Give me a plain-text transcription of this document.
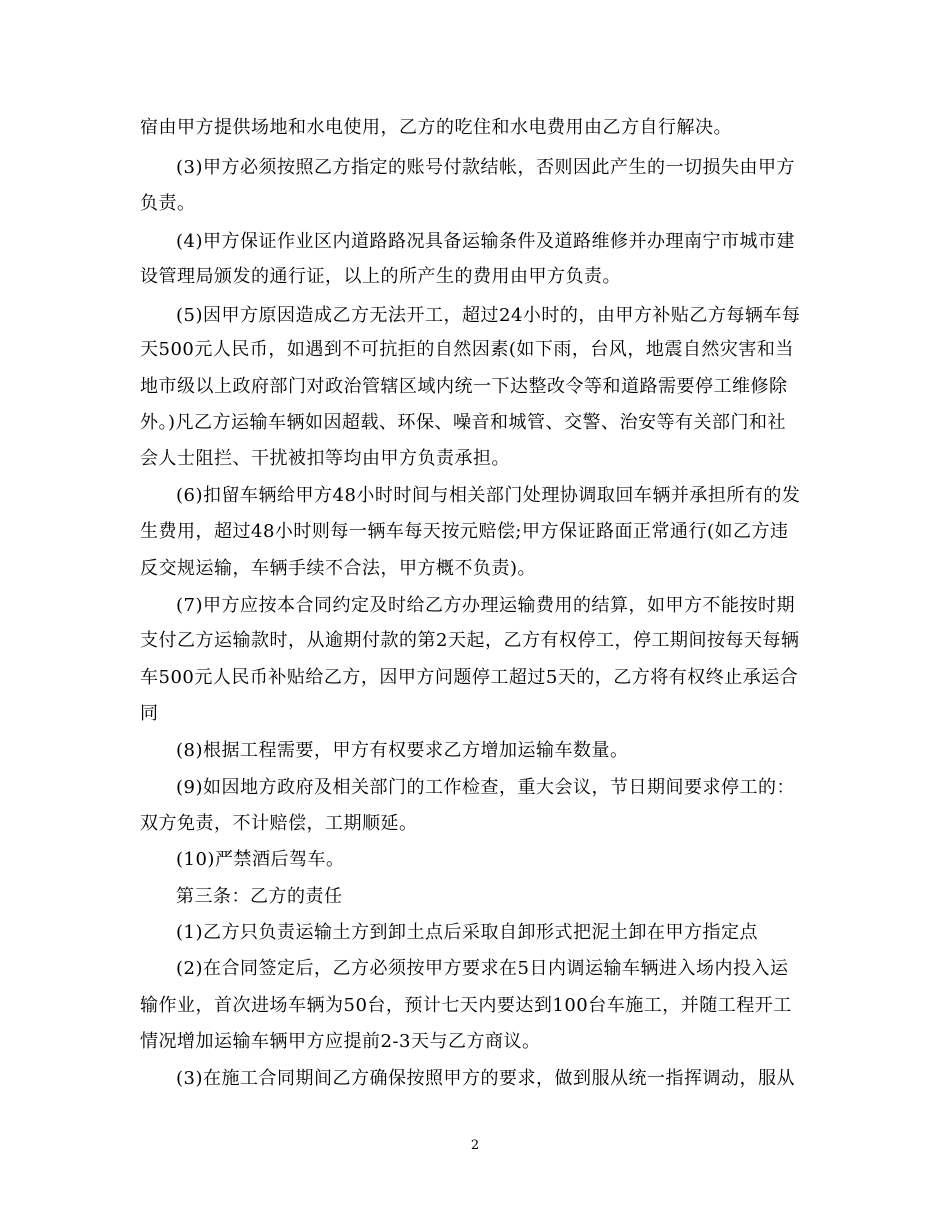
宿由甲方提供场地和水电使用，乙方的吃住和水电费用由乙方自行解决。
(3)甲方必须按照乙方指定的账号付款结帐，否则因此产生的一切损失由甲方
负责。
(4)甲方保证作业区内道路路况具备运输条件及道路维修并办理南宁市城市建
设管理局颁发的通行证，以上的所产生的费用由甲方负责。
(5)因甲方原因造成乙方无法开工，超过24小时的，由甲方补贴乙方每辆车每
天500元人民币，如遇到不可抗拒的自然因素(如下雨，台风，地震自然灾害和当
地市级以上政府部门对政治管辖区域内统一下达整改令等和道路需要停工维修除
外。)凡乙方运输车辆如因超载、环保、噪音和城管、交警、治安等有关部门和社
会人士阻拦、干扰被扣等均由甲方负责承担。
(6)扣留车辆给甲方48小时时间与相关部门处理协调取回车辆并承担所有的发
生费用，超过48小时则每一辆车每天按元赔偿;甲方保证路面正常通行(如乙方违
反交规运输，车辆手续不合法，甲方概不负责)。
(7)甲方应按本合同约定及时给乙方办理运输费用的结算，如甲方不能按时期
支付乙方运输款时，从逾期付款的第2天起，乙方有权停工，停工期间按每天每辆
车500元人民币补贴给乙方，因甲方问题停工超过5天的，乙方将有权终止承运合
同
(8)根据工程需要，甲方有权要求乙方增加运输车数量。
(9)如因地方政府及相关部门的工作检查，重大会议，节日期间要求停工的：
双方免责，不计赔偿，工期顺延。
(10)严禁酒后驾车。
第三条：乙方的责任
(1)乙方只负责运输土方到卸土点后采取自卸形式把泥土卸在甲方指定点
(2)在合同签定后，乙方必须按甲方要求在5日内调运输车辆进入场内投入运
输作业，首次进场车辆为50台，预计七天内要达到100台车施工，并随工程开工
情况增加运输车辆甲方应提前2-3天与乙方商议。
(3)在施工合同期间乙方确保按照甲方的要求，做到服从统一指挥调动，服从
2
